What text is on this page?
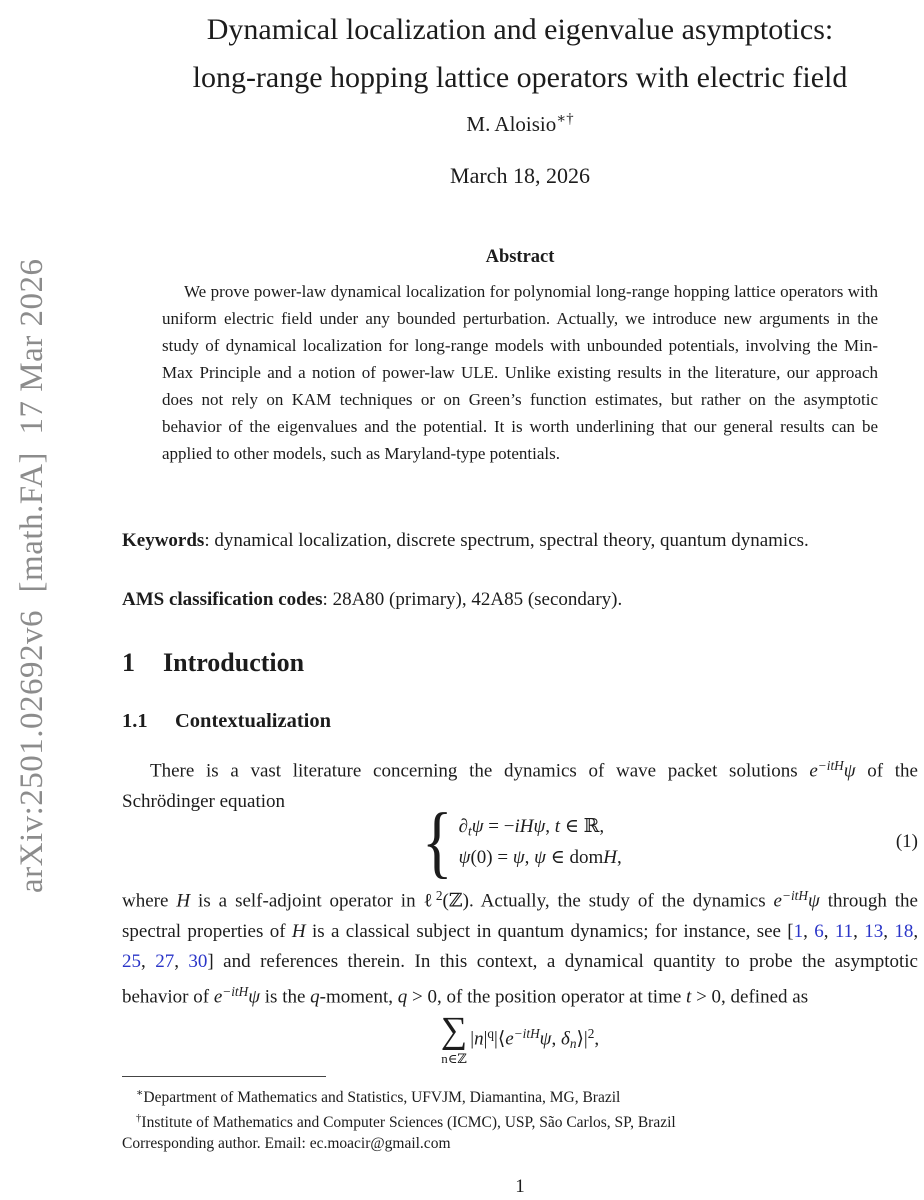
arXiv:2501.02692v6  [math.FA]  17 Mar 2026
Dynamical localization and eigenvalue asymptotics:
long-range hopping lattice operators with electric field
M. Aloisio∗†
March 18, 2026
Abstract
We prove power-law dynamical localization for polynomial long-range hopping lattice operators with uniform electric field under any bounded perturbation. Actually, we introduce new arguments in the study of dynamical localization for long-range models with unbounded potentials, involving the Min-Max Principle and a notion of power-law ULE. Unlike existing results in the literature, our approach does not rely on KAM techniques or on Green’s function estimates, but rather on the asymptotic behavior of the eigenvalues and the potential. It is worth underlining that our general results can be applied to other models, such as Maryland-type potentials.
Keywords: dynamical localization, discrete spectrum, spectral theory, quantum dynamics.
AMS classification codes: 28A80 (primary), 42A85 (secondary).
1 Introduction
1.1 Contextualization
There is a vast literature concerning the dynamics of wave packet solutions $e^{-itH}\psi$ of the Schrödinger equation	{ ∂tψ = −iHψ, t ∈ ℝ,
ψ(0) = ψ, ψ ∈ domH,
(1)
where H is a self-adjoint operator in ℓ$^2$(ℤ). Actually, the study of the dynamics $e^{-itH}\psi$ through the spectral properties of H is a classical subject in quantum dynamics; for instance, see [1, 6, 11, 13, 18, 25, 27, 30] and references therein. In this context, a dynamical quantity to probe the asymptotic behavior of $e^{-itH}\psi$ is the q-moment, q > 0, of the position operator at time t > 0, defined as
∑
n∈ℤ
$|n|^q|⟨e^{-itH}\psi$, $\delta n⟩|^2$,
∗Department of Mathematics and Statistics, UFVJM, Diamantina, MG, Brazil
†Institute of Mathematics and Computer Sciences (ICMC), USP, São Carlos, SP, Brazil
Corresponding author. Email: ec.moacir@gmail.com
1
